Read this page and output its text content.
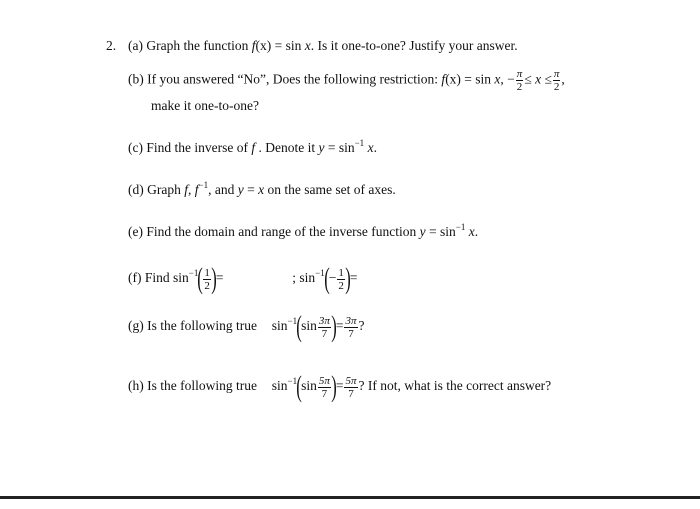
2. (a) Graph the function f(x) = sin x. Is it one-to-one? Justify your answer.
(b) If you answered “No”, Does the following restriction: f(x) = sin x, − $\frac{\pi}{2} \le x \le \frac{\pi}{2}$ ,
make it one-to-one?
(c) Find the inverse of f . Denote it $y = \sin^{-1} x$.
(d) Graph f, $f^{-1}$, and y = x on the same set of axes.
(e) Find the domain and range of the inverse function $y = \sin^{-1} x$.
(f) Find $\sin^{-1}( \frac{1}{2}$ )=	; $\sin^{-1}(- \frac{1}{2}$ )=
(g) Is the following true $\sin^{-1}(\sin \frac{3\pi}{7}$ )= $\frac{3\pi}{7}$ ?
(h) Is the following true $\sin^{-1}(\sin \frac{5\pi}{7}$ )= $\frac{5\pi}{7}$ ? If not, what is the correct answer?
